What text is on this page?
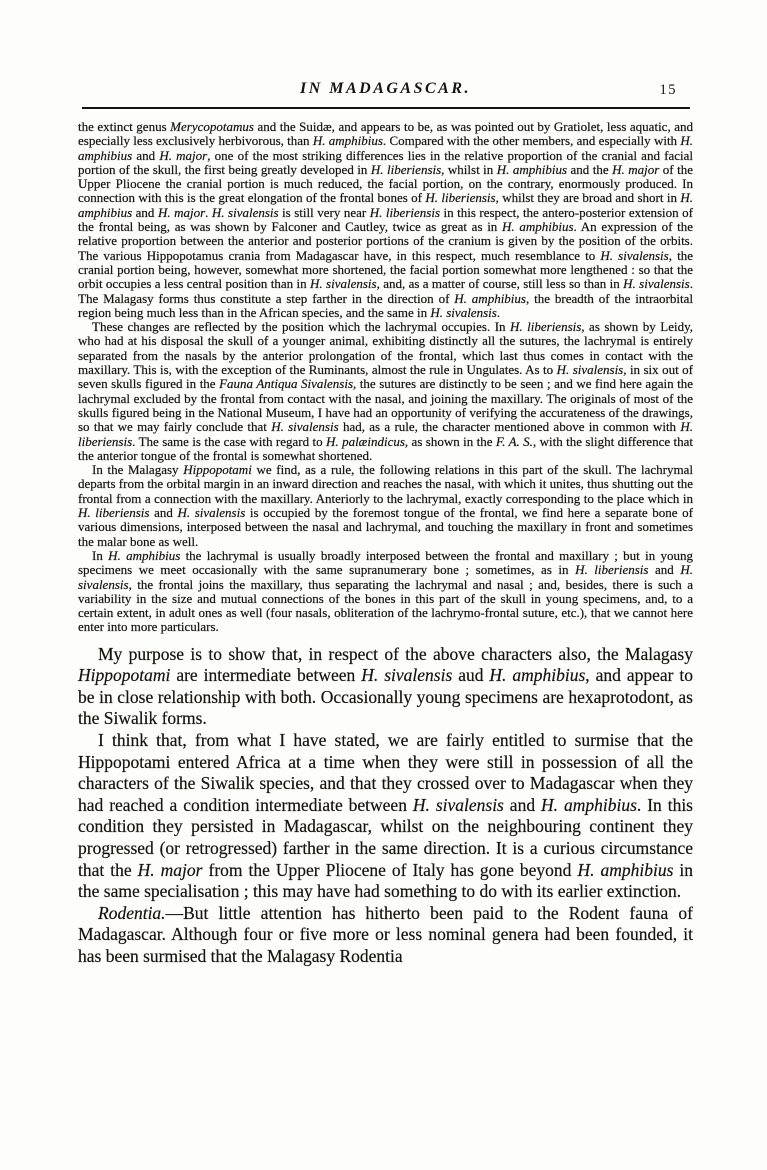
IN MADAGASCAR.	15

the extinct genus Merycopotamus and the Suidæ, and appears to be, as was pointed out by Gratiolet, less aquatic, and especially less exclusively herbivorous, than H. amphibius. Compared with the other members, and especially with H. amphibius and H. major, one of the most striking differences lies in the relative proportion of the cranial and facial portion of the skull, the first being greatly developed in H. liberiensis, whilst in H. amphibius and the H. major of the Upper Pliocene the cranial portion is much reduced, the facial portion, on the contrary, enormously produced. In connection with this is the great elongation of the frontal bones of H. liberiensis, whilst they are broad and short in H. amphibius and H. major. H. sivalensis is still very near H. liberiensis in this respect, the antero-posterior extension of the frontal being, as was shown by Falconer and Cautley, twice as great as in H. amphibius. An expression of the relative proportion between the anterior and posterior portions of the cranium is given by the position of the orbits. The various Hippopotamus crania from Madagascar have, in this respect, much resemblance to H. sivalensis, the cranial portion being, however, somewhat more shortened, the facial portion somewhat more lengthened : so that the orbit occupies a less central position than in H. sivalensis, and, as a matter of course, still less so than in H. sivalensis. The Malagasy forms thus constitute a step farther in the direction of H. amphibius, the breadth of the intraorbital region being much less than in the African species, and the same in H. sivalensis.

These changes are reflected by the position which the lachrymal occupies. In H. liberiensis, as shown by Leidy, who had at his disposal the skull of a younger animal, exhibiting distinctly all the sutures, the lachrymal is entirely separated from the nasals by the anterior prolongation of the frontal, which last thus comes in contact with the maxillary. This is, with the exception of the Ruminants, almost the rule in Ungulates. As to H. sivalensis, in six out of seven skulls figured in the Fauna Antiqua Sivalensis, the sutures are distinctly to be seen ; and we find here again the lachrymal excluded by the frontal from contact with the nasal, and joining the maxillary. The originals of most of the skulls figured being in the National Museum, I have had an opportunity of verifying the accurateness of the drawings, so that we may fairly conclude that H. sivalensis had, as a rule, the character mentioned above in common with H. liberiensis. The same is the case with regard to H. palæindicus, as shown in the F. A. S., with the slight difference that the anterior tongue of the frontal is somewhat shortened.

In the Malagasy Hippopotami we find, as a rule, the following relations in this part of the skull. The lachrymal departs from the orbital margin in an inward direction and reaches the nasal, with which it unites, thus shutting out the frontal from a connection with the maxillary. Anteriorly to the lachrymal, exactly corresponding to the place which in H. liberiensis and H. sivalensis is occupied by the foremost tongue of the frontal, we find here a separate bone of various dimensions, interposed between the nasal and lachrymal, and touching the maxillary in front and sometimes the malar bone as well.

In H. amphibius the lachrymal is usually broadly interposed between the frontal and maxillary ; but in young specimens we meet occasionally with the same supranumerary bone ; sometimes, as in H. liberiensis and H. sivalensis, the frontal joins the maxillary, thus separating the lachrymal and nasal ; and, besides, there is such a variability in the size and mutual connections of the bones in this part of the skull in young specimens, and, to a certain extent, in adult ones as well (four nasals, obliteration of the lachrymo-frontal suture, etc.), that we cannot here enter into more particulars.

My purpose is to show that, in respect of the above characters also, the Malagasy Hippopotami are intermediate between H. sivalensis aud H. amphibius, and appear to be in close relationship with both. Occasionally young specimens are hexaprotodont, as the Siwalik forms.

I think that, from what I have stated, we are fairly entitled to surmise that the Hippopotami entered Africa at a time when they were still in possession of all the characters of the Siwalik species, and that they crossed over to Madagascar when they had reached a condition intermediate between H. sivalensis and H. amphibius. In this condition they persisted in Madagascar, whilst on the neighbouring continent they progressed (or retrogressed) farther in the same direction. It is a curious circumstance that the H. major from the Upper Pliocene of Italy has gone beyond H. amphibius in the same specialisation ; this may have had something to do with its earlier extinction.

Rodentia.—But little attention has hitherto been paid to the Rodent fauna of Madagascar. Although four or five more or less nominal genera had been founded, it has been surmised that the Malagasy Rodentia
